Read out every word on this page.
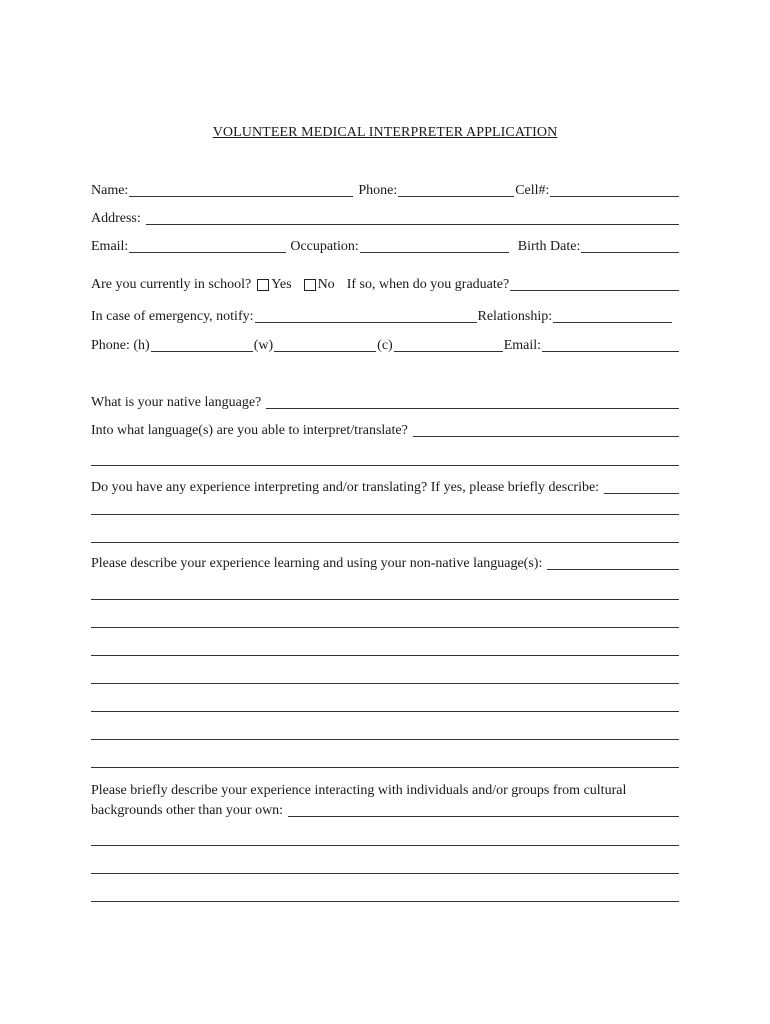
VOLUNTEER MEDICAL INTERPRETER APPLICATION
Name:	Phone:	Cell#:
Address:
Email:	Occupation:	Birth Date:
Are you currently in school? Yes No If so, when do you graduate?
In case of emergency, notify:	Relationship:
Phone: (h)	(w)	(c)	Email:
What is your native language?
Into what language(s) are you able to interpret/translate?
Do you have any experience interpreting and/or translating? If yes, please briefly describe:
Please describe your experience learning and using your non-native language(s):
Please briefly describe your experience interacting with individuals and/or groups from cultural
backgrounds other than your own:
